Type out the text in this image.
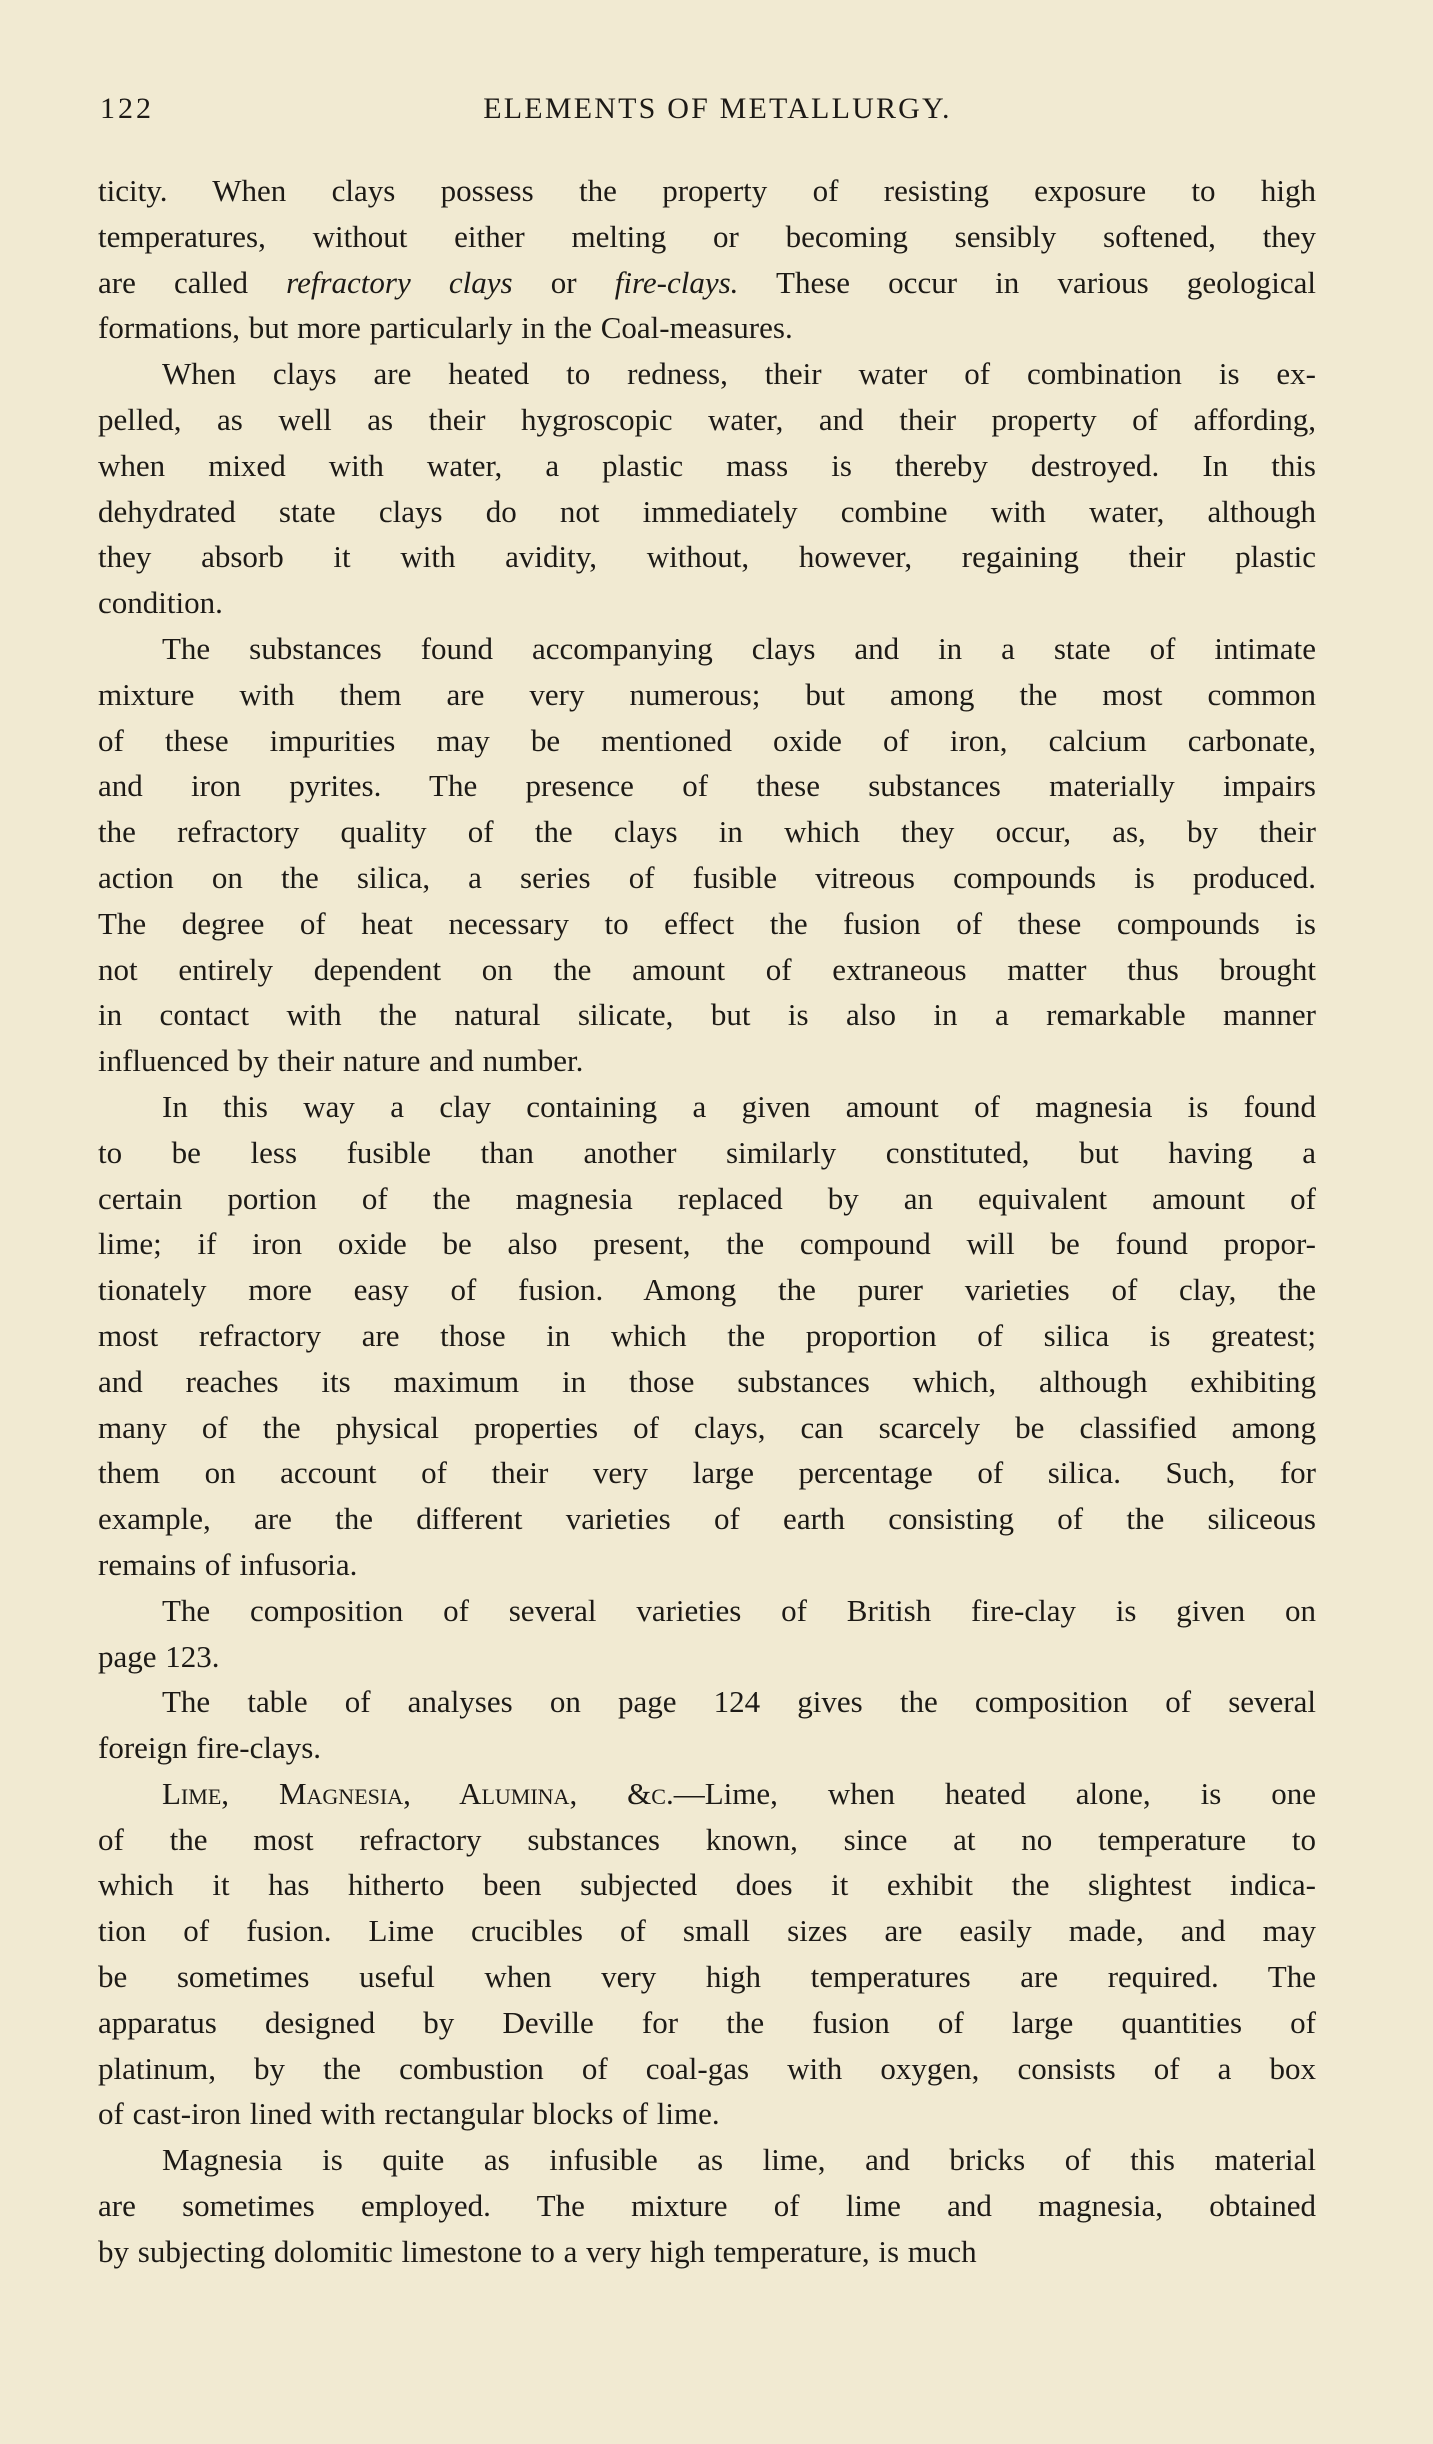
122	ELEMENTS OF METALLURGY.
ticity. When clays possess the property of resisting exposure to high
temperatures, without either melting or becoming sensibly softened, they
are called refractory clays or fire-clays. These occur in various geological
formations, but more particularly in the Coal-measures.
When clays are heated to redness, their water of combination is ex-
pelled, as well as their hygroscopic water, and their property of affording,
when mixed with water, a plastic mass is thereby destroyed. In this
dehydrated state clays do not immediately combine with water, although
they absorb it with avidity, without, however, regaining their plastic
condition.
The substances found accompanying clays and in a state of intimate
mixture with them are very numerous; but among the most common
of these impurities may be mentioned oxide of iron, calcium carbonate,
and iron pyrites. The presence of these substances materially impairs
the refractory quality of the clays in which they occur, as, by their
action on the silica, a series of fusible vitreous compounds is produced.
The degree of heat necessary to effect the fusion of these compounds is
not entirely dependent on the amount of extraneous matter thus brought
in contact with the natural silicate, but is also in a remarkable manner
influenced by their nature and number.
In this way a clay containing a given amount of magnesia is found
to be less fusible than another similarly constituted, but having a
certain portion of the magnesia replaced by an equivalent amount of
lime; if iron oxide be also present, the compound will be found propor-
tionately more easy of fusion. Among the purer varieties of clay, the
most refractory are those in which the proportion of silica is greatest;
and reaches its maximum in those substances which, although exhibiting
many of the physical properties of clays, can scarcely be classified among
them on account of their very large percentage of silica. Such, for
example, are the different varieties of earth consisting of the siliceous
remains of infusoria.
The composition of several varieties of British fire-clay is given on
page 123.
The table of analyses on page 124 gives the composition of several
foreign fire-clays.
Lime, Magnesia, Alumina, &c.—Lime, when heated alone, is one
of the most refractory substances known, since at no temperature to
which it has hitherto been subjected does it exhibit the slightest indica-
tion of fusion. Lime crucibles of small sizes are easily made, and may
be sometimes useful when very high temperatures are required. The
apparatus designed by Deville for the fusion of large quantities of
platinum, by the combustion of coal-gas with oxygen, consists of a box
of cast-iron lined with rectangular blocks of lime.
Magnesia is quite as infusible as lime, and bricks of this material
are sometimes employed. The mixture of lime and magnesia, obtained
by subjecting dolomitic limestone to a very high temperature, is much
